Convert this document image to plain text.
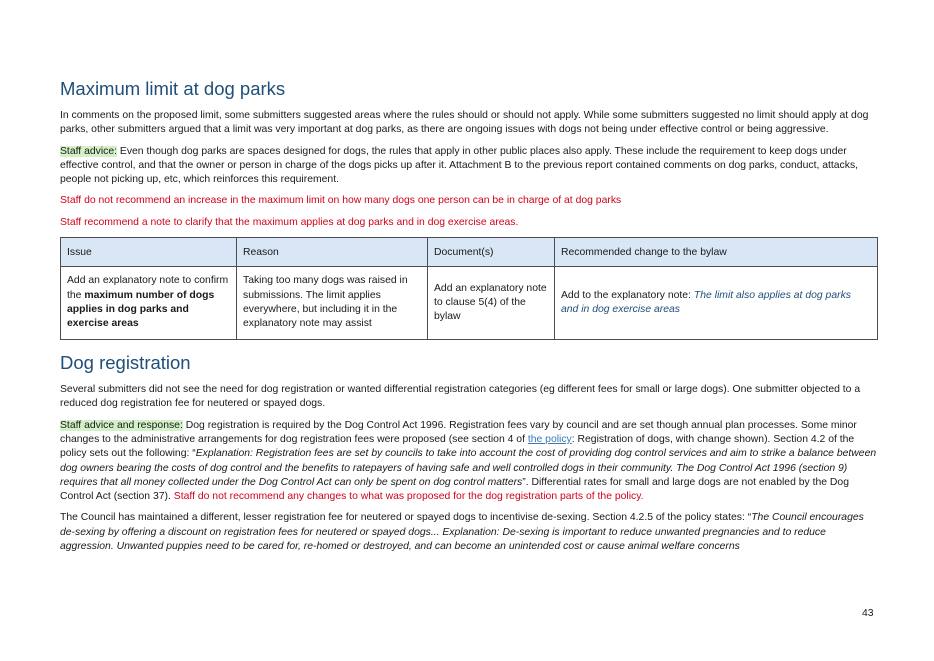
Maximum limit at dog parks

In comments on the proposed limit, some submitters suggested areas where the rules should or should not apply. While some submitters suggested no limit should apply at dog parks, other submitters argued that a limit was very important at dog parks, as there are ongoing issues with dogs not being under effective control or being aggressive.

Staff advice: Even though dog parks are spaces designed for dogs, the rules that apply in other public places also apply. These include the requirement to keep dogs under effective control, and that the owner or person in charge of the dogs picks up after it. Attachment B to the previous report contained comments on dog parks, conduct, attacks, people not picking up, etc, which reinforces this requirement.

Staff do not recommend an increase in the maximum limit on how many dogs one person can be in charge of at dog parks

Staff recommend a note to clarify that the maximum applies at dog parks and in dog exercise areas.

Issue	Reason	Document(s)	Recommended change to the bylaw
Add an explanatory note to confirm the maximum number of dogs applies in dog parks and exercise areas	Taking too many dogs was raised in submissions. The limit applies everywhere, but including it in the explanatory note may assist	Add an explanatory note to clause 5(4) of the bylaw	Add to the explanatory note: The limit also applies at dog parks and in dog exercise areas
Dog registration

Several submitters did not see the need for dog registration or wanted differential registration categories (eg different fees for small or large dogs). One submitter objected to a reduced dog registration fee for neutered or spayed dogs.

Staff advice and response: Dog registration is required by the Dog Control Act 1996. Registration fees vary by council and are set though annual plan processes. Some minor changes to the administrative arrangements for dog registration fees were proposed (see section 4 of the policy: Registration of dogs, with change shown). Section 4.2 of the policy sets out the following: “Explanation: Registration fees are set by councils to take into account the cost of providing dog control services and aim to strike a balance between dog owners bearing the costs of dog control and the benefits to ratepayers of having safe and well controlled dogs in their community. The Dog Control Act 1996 (section 9) requires that all money collected under the Dog Control Act can only be spent on dog control matters”. Differential rates for small and large dogs are not enabled by the Dog Control Act (section 37). Staff do not recommend any changes to what was proposed for the dog registration parts of the policy.

The Council has maintained a different, lesser registration fee for neutered or spayed dogs to incentivise de-sexing. Section 4.2.5 of the policy states: “The Council encourages de-sexing by offering a discount on registration fees for neutered or spayed dogs... Explanation: De-sexing is important to reduce unwanted pregnancies and to reduce aggression. Unwanted puppies need to be cared for, re-homed or destroyed, and can become an unintended cost or cause animal welfare concerns

43
